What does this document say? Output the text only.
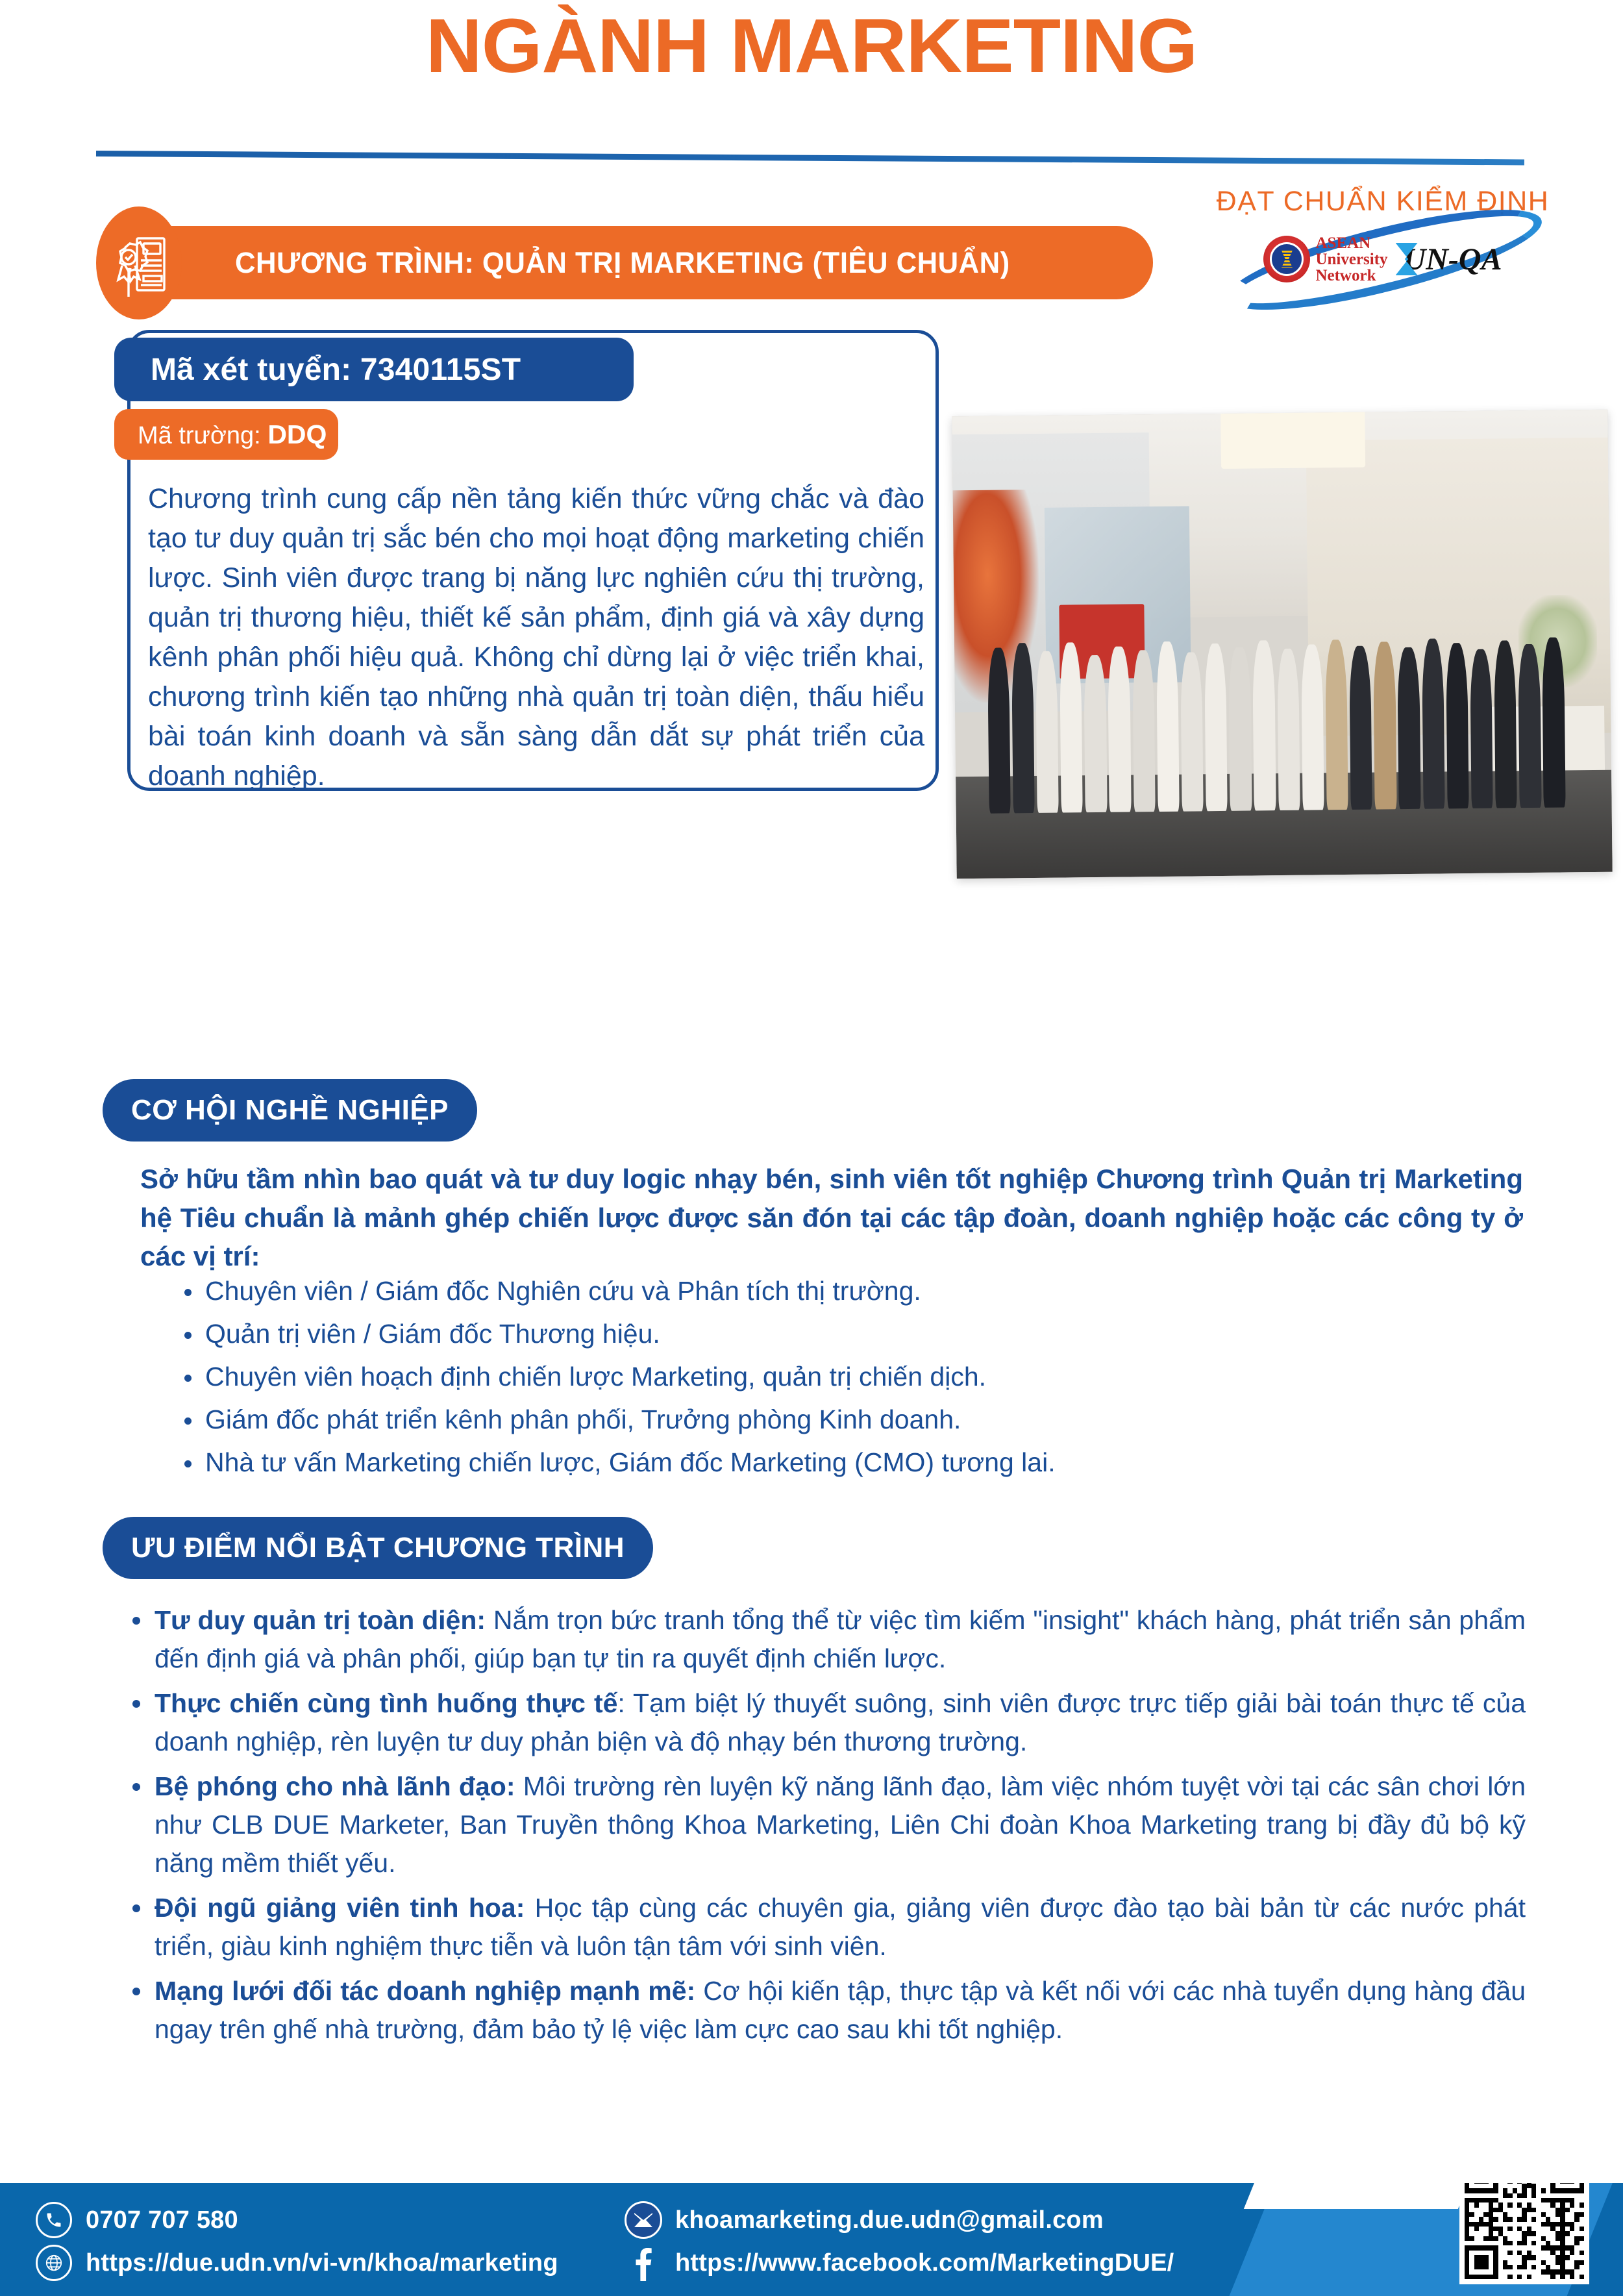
NGÀNH MARKETING
ĐẠT CHUẨN KIỂM ĐỊNH
ASEAN
University
Network UN-QA
CHƯƠNG TRÌNH: QUẢN TRỊ MARKETING (TIÊU CHUẨN)
Mã xét tuyển: 7340115ST
Mã trường: DDQ
Chương trình cung cấp nền tảng kiến thức vững chắc và đào tạo tư duy quản trị sắc bén cho mọi hoạt động marketing chiến lược. Sinh viên được trang bị năng lực nghiên cứu thị trường, quản trị thương hiệu, thiết kế sản phẩm, định giá và xây dựng kênh phân phối hiệu quả. Không chỉ dừng lại ở việc triển khai, chương trình kiến tạo những nhà quản trị toàn diện, thấu hiểu bài toán kinh doanh và sẵn sàng dẫn dắt sự phát triển của doanh nghiệp.
CƠ HỘI NGHỀ NGHIỆP
Sở hữu tầm nhìn bao quát và tư duy logic nhạy bén, sinh viên tốt nghiệp Chương trình Quản trị Marketing hệ Tiêu chuẩn là mảnh ghép chiến lược được săn đón tại các tập đoàn, doanh nghiệp hoặc các công ty ở các vị trí:
Chuyên viên / Giám đốc Nghiên cứu và Phân tích thị trường.
Quản trị viên / Giám đốc Thương hiệu.
Chuyên viên hoạch định chiến lược Marketing, quản trị chiến dịch.
Giám đốc phát triển kênh phân phối, Trưởng phòng Kinh doanh.
Nhà tư vấn Marketing chiến lược, Giám đốc Marketing (CMO) tương lai.
ƯU ĐIỂM NỔI BẬT CHƯƠNG TRÌNH
Tư duy quản trị toàn diện: Nắm trọn bức tranh tổng thể từ việc tìm kiếm "insight" khách hàng, phát triển sản phẩm đến định giá và phân phối, giúp bạn tự tin ra quyết định chiến lược.
Thực chiến cùng tình huống thực tế: Tạm biệt lý thuyết suông, sinh viên được trực tiếp giải bài toán thực tế của doanh nghiệp, rèn luyện tư duy phản biện và độ nhạy bén thương trường.
Bệ phóng cho nhà lãnh đạo: Môi trường rèn luyện kỹ năng lãnh đạo, làm việc nhóm tuyệt vời tại các sân chơi lớn như CLB DUE Marketer, Ban Truyền thông Khoa Marketing, Liên Chi đoàn Khoa Marketing trang bị đầy đủ bộ kỹ năng mềm thiết yếu.
Đội ngũ giảng viên tinh hoa: Học tập cùng các chuyên gia, giảng viên được đào tạo bài bản từ các nước phát triển, giàu kinh nghiệm thực tiễn và luôn tận tâm với sinh viên.
Mạng lưới đối tác doanh nghiệp mạnh mẽ: Cơ hội kiến tập, thực tập và kết nối với các nhà tuyển dụng hàng đầu ngay trên ghế nhà trường, đảm bảo tỷ lệ việc làm cực cao sau khi tốt nghiệp.
0707 707 580
https://due.udn.vn/vi-vn/khoa/marketing
khoamarketing.due.udn@gmail.com
https://www.facebook.com/MarketingDUE/
